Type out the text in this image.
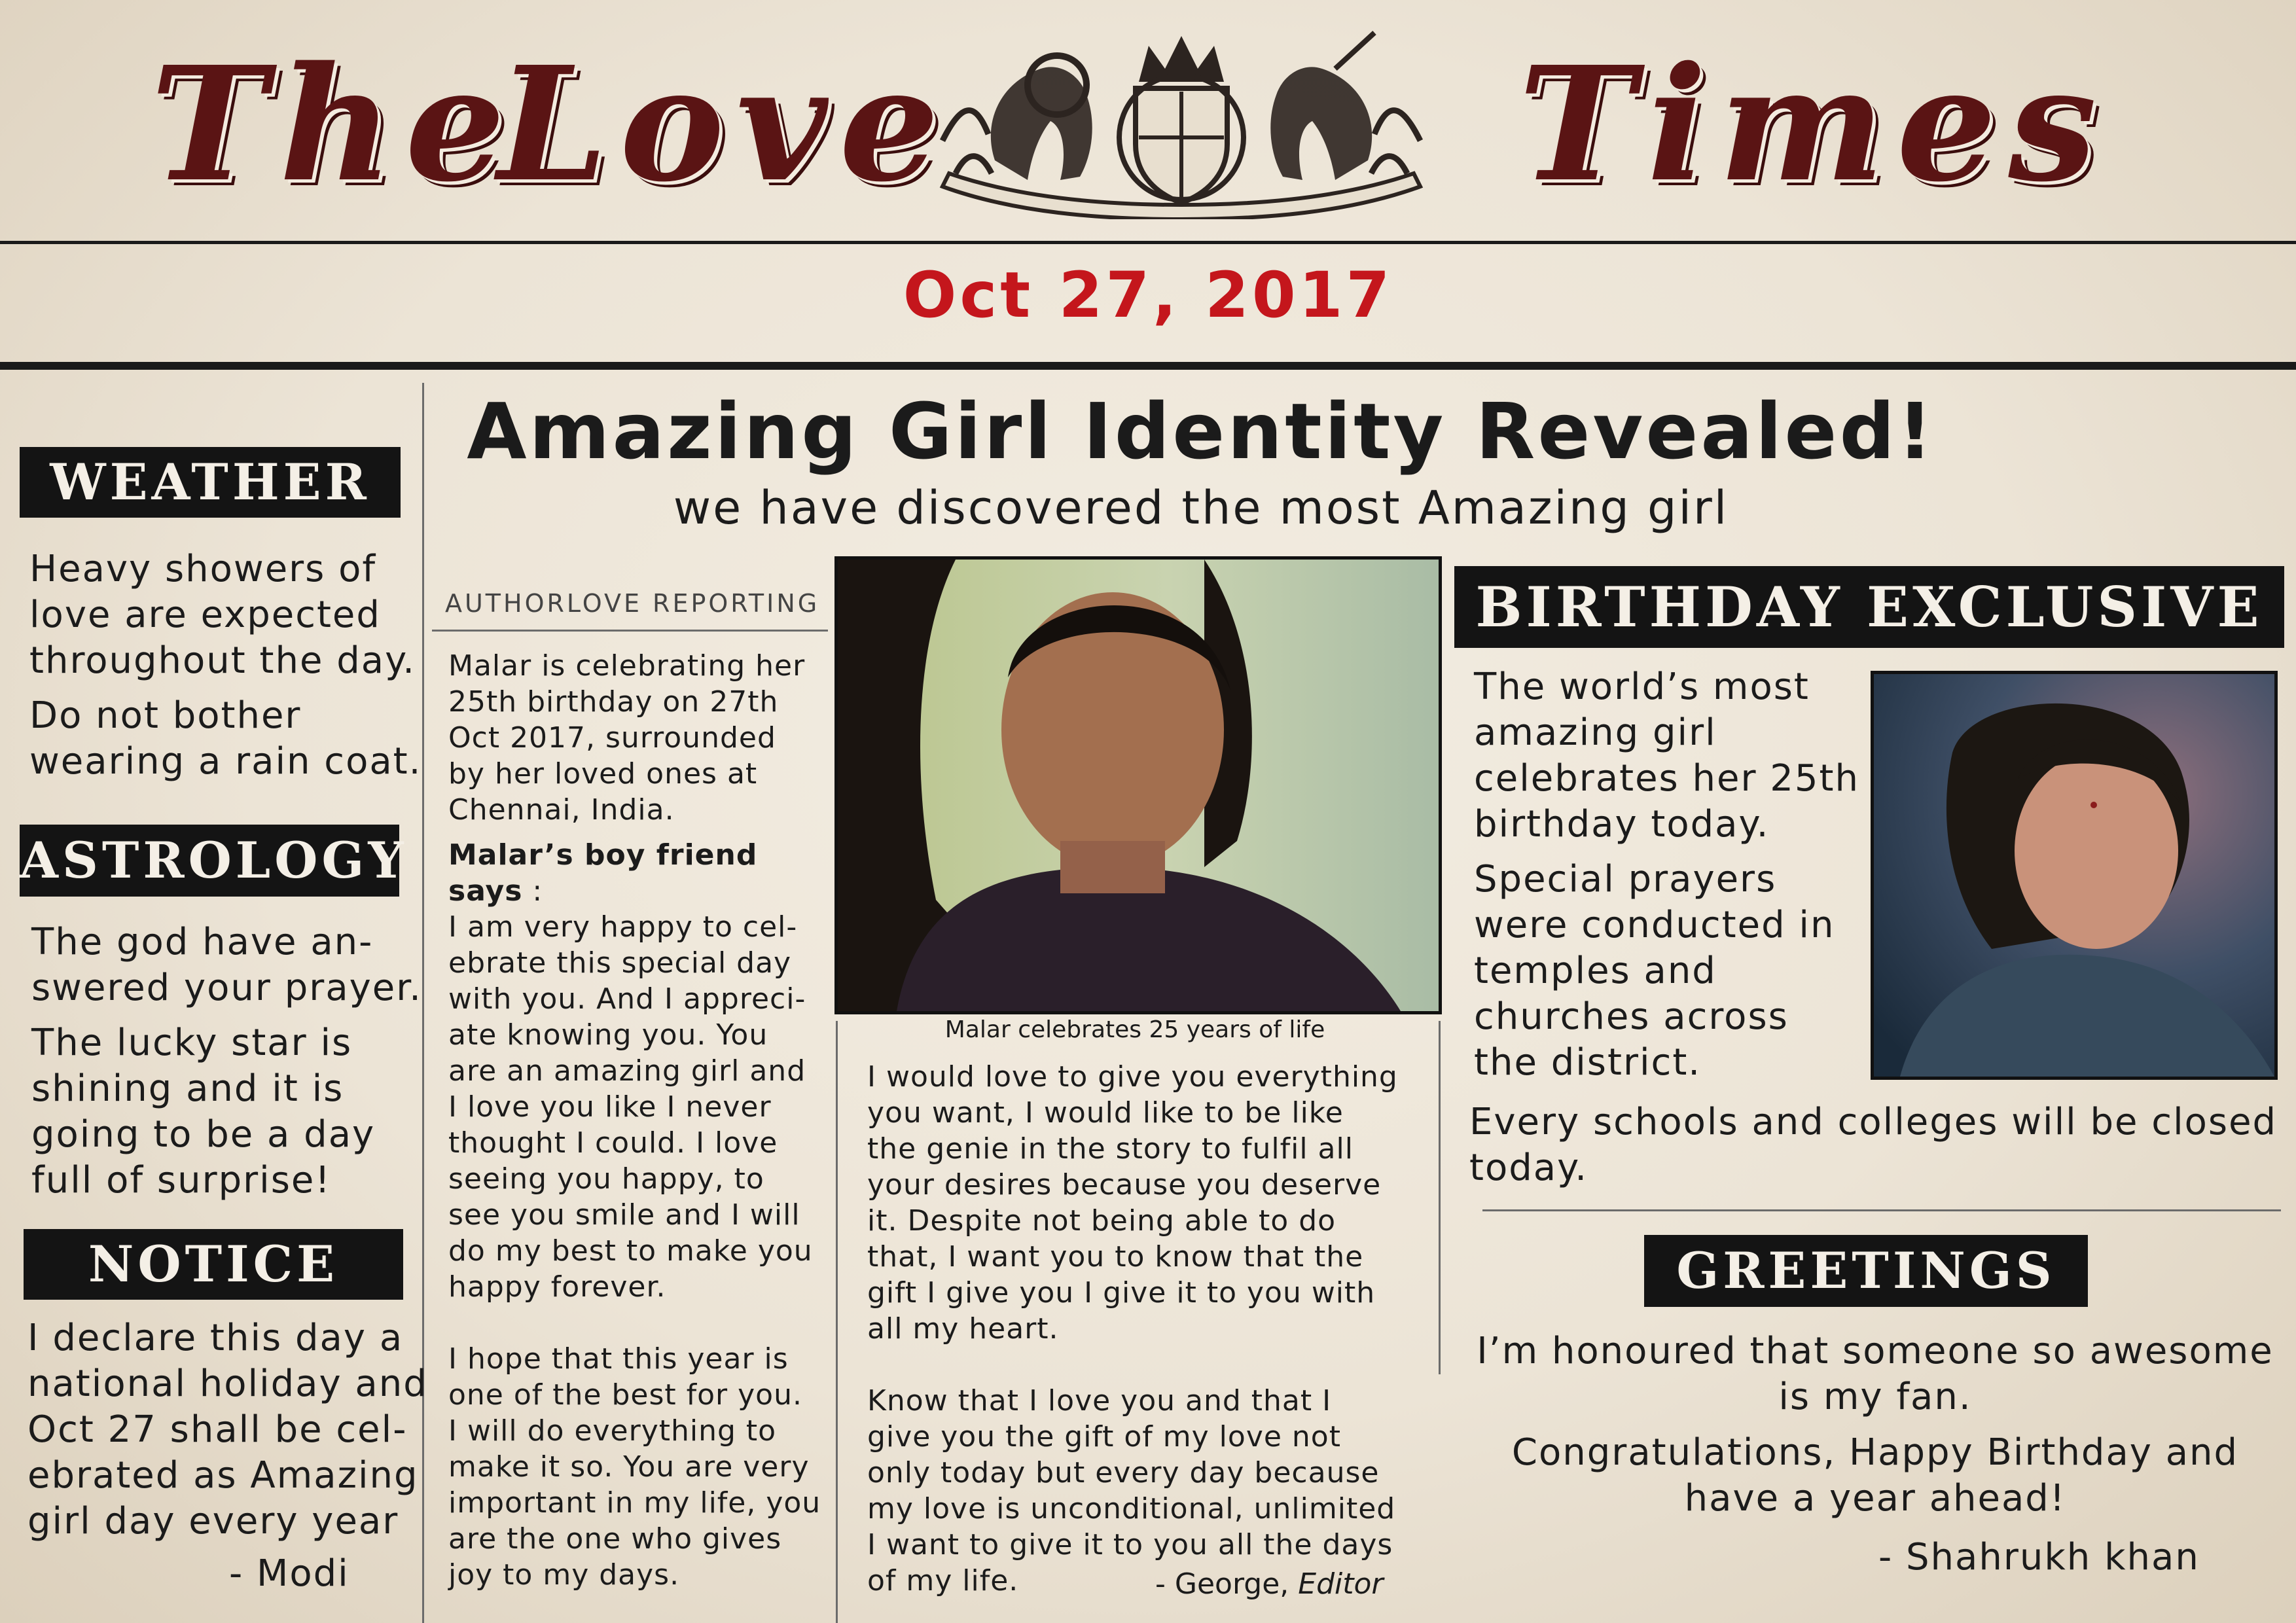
The
Love	Times
Oct 27, 2017
Amazing Girl Identity Revealed!
we have discovered the most Amazing girl
WEATHER

Heavy showers of
love are expected
throughout the day.

Do not bother
wearing a rain coat.

ASTROLOGY

The god have an-
swered your prayer.

The lucky star is
shining and it is
going to be a day
full of surprise!

NOTICE

I declare this day a
national holiday and
Oct 27 shall be cel-
ebrated as Amazing
girl day every year

- Modi
AUTHORLOVE REPORTING

Malar is celebrating her
25th birthday on 27th
Oct 2017, surrounded
by her loved ones at
Chennai, India.

Malar’s boy friend
says :

I am very happy to cel-
ebrate this special day
with you. And I appreci-
ate knowing you. You
are an amazing girl and
I love you like I never
thought I could. I love
seeing you happy, to
see you smile and I will
do my best to make you
happy forever.

I hope that this year is
one of the best for you.
I will do everything to
make it so. You are very
important in my life, you
are the one who gives
joy to my days.

Malar celebrates 25 years of life

I would love to give you everything
you want, I would like to be like
the genie in the story to fulfil all
your desires because you deserve
it. Despite not being able to do
that, I want you to know that the
gift I give you I give it to you with
all my heart.

Know that I love you and that I
give you the gift of my love not
only today but every day because
my love is unconditional, unlimited
I want to give it to you all the days
of my life.	- George, Editor
BIRTHDAY EXCLUSIVE

The world’s most
amazing girl
celebrates her 25th
birthday today.

Special prayers
were conducted in
temples and
churches across
the district.

Every schools and colleges will be closed
today.

GREETINGS
I’m honoured that someone so awesome
is my fan.
Congratulations, Happy Birthday and
have a year ahead!
- Shahrukh khan
